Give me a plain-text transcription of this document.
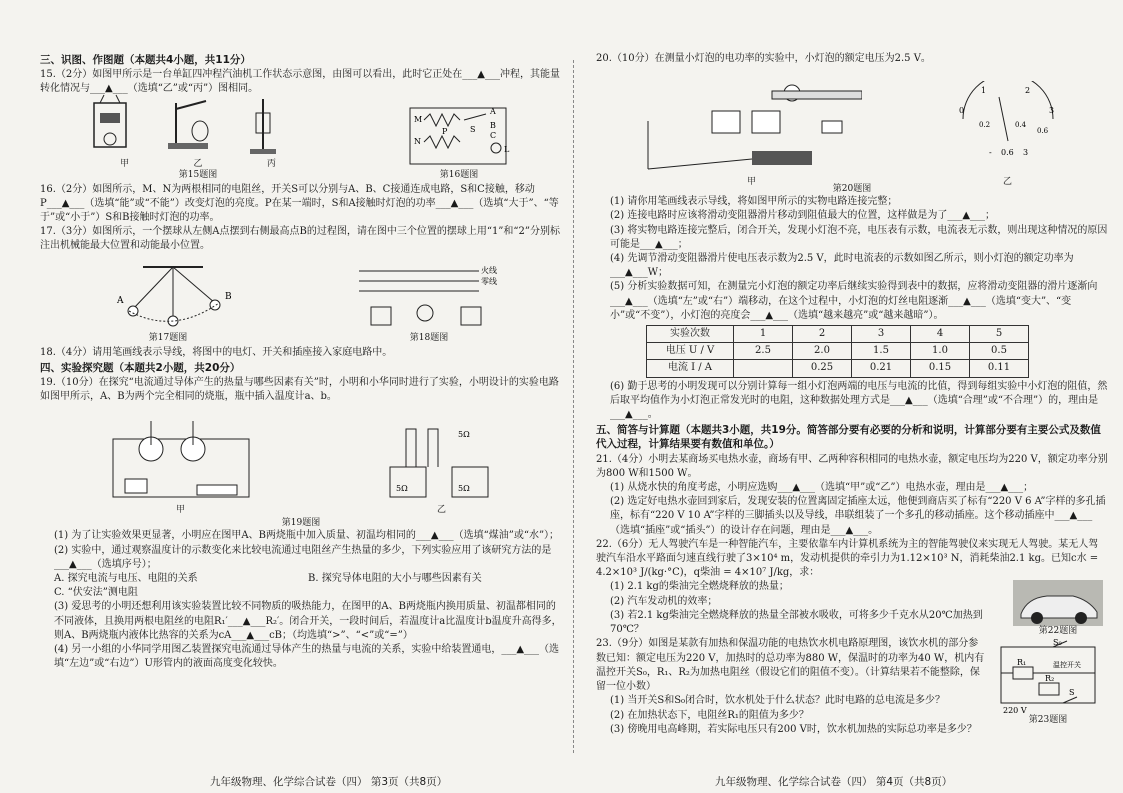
三、识图、作图题（本题共4小题，共11分）

15.（2分）如图甲所示是一台单缸四冲程汽油机工作状态示意图，由图可以看出，此时它正处在___▲___冲程，其能量转化情况与___▲___（选填“乙”或“丙”）图相同。

甲	乙	丙
第15题图
M
N
P
A
B
C
S
L
第16题图

16.（2分）如图所示，M、N为两根相同的电阻丝，开关S可以分别与A、B、C接通连成电路，S和C接触，移动P___▲___（选填“能”或“不能”）改变灯泡的亮度。P在某一端时，S和A接触时灯泡的功率___▲___（选填“大于”、“等于”或“小于”）S和B接触时灯泡的功率。

17.（3分）如图所示，一个摆球从左侧A点摆到右侧最高点B的过程图，请在图中三个位置的摆球上用“1”和“2”分别标注出机械能最大位置和动能最小位置。

A	B
第17题图
火线
零线
第18题图

18.（4分）请用笔画线表示导线，将图中的电灯、开关和插座接入家庭电路中。

四、实验探究题（本题共2小题，共20分）

19.（10分）在探究“电流通过导体产生的热量与哪些因素有关”时，小明和小华同时进行了实验，小明设计的实验电路如图甲所示，A、B为两个完全相同的烧瓶，瓶中插入温度计a、b。

甲
5Ω	5Ω
5Ω
乙
第19题图

(1) 为了让实验效果更显著，小明应在图甲A、B两烧瓶中加入质量、初温均相同的___▲___（选填“煤油”或“水”）；

(2) 实验中，通过观察温度计的示数变化来比较电流通过电阻丝产生热量的多少，下列实验应用了该研究方法的是___▲___（选填序号）；

A. 探究电流与电压、电阻的关系	B. 探究导体电阻的大小与哪些因素有关

C. “伏安法”测电阻

(3) 爱思考的小明还想利用该实验装置比较不同物质的吸热能力，在图甲的A、B两烧瓶内换用质量、初温都相同的不同液体，且换用两根电阻丝的电阻R₁′___▲___R₂′。闭合开关，一段时间后，若温度计a比温度计b温度升高得多，则A、B两烧瓶内液体比热容的关系为cA___▲___cB；（均选填“>”、“<”或“=”）

(4) 另一小组的小华同学用图乙装置探究电流通过导体产生的热量与电流的关系，实验中给装置通电，___▲___（选填“左边”或“右边”）U形管内的液面高度变化较快。

九年级物理、化学综合试卷（四） 第3页（共8页）

20.（10分）在测量小灯泡的电功率的实验中，小灯泡的额定电压为2.5 V。

甲
0
1	2
3
0.2	0.4
0.6
- 0.6 3
乙
第20题图

(1) 请你用笔画线表示导线，将如图甲所示的实物电路连接完整；

(2) 连接电路时应该将滑动变阻器滑片移动到阻值最大的位置，这样做是为了___▲___；

(3) 将实物电路连接完整后，闭合开关，发现小灯泡不亮，电压表有示数，电流表无示数，则出现这种情况的原因可能是___▲___；

(4) 先调节滑动变阻器滑片使电压表示数为2.5 V，此时电流表的示数如图乙所示，则小灯泡的额定功率为___▲___W；

(5) 分析实验数据可知，在测量完小灯泡的额定功率后继续实验得到表中的数据，应将滑动变阻器的滑片逐渐向___▲___（选填“左”或“右”）端移动，在这个过程中，小灯泡的灯丝电阻逐渐___▲___（选填“变大”、“变小”或“不变”），小灯泡的亮度会___▲___（选填“越来越亮”或“越来越暗”）。

实验次数	1	2	3	4	5
电压 U / V	2.5	2.0	1.5	1.0	0.5
电流 I / A		0.25	0.21	0.15	0.11

(6) 勤于思考的小明发现可以分别计算每一组小灯泡两端的电压与电流的比值，得到每组实验中小灯泡的阻值，然后取平均值作为小灯泡正常发光时的电阻，这种数据处理方式是___▲___（选填“合理”或“不合理”）的，理由是___▲___。

五、简答与计算题（本题共3小题，共19分。简答部分要有必要的分析和说明，计算部分要有主要公式及数值代入过程，计算结果要有数值和单位。）

21.（4分）小明去某商场买电热水壶，商场有甲、乙两种容积相同的电热水壶，额定电压均为220 V，额定功率分别为800 W和1500 W。

(1) 从烧水快的角度考虑，小明应选购___▲___（选填“甲”或“乙”）电热水壶，理由是___▲___；

(2) 选定好电热水壶回到家后，发现安装的位置离固定插座太远，他便到商店买了标有“220 V 6 A”字样的多孔插座，标有“220 V 10 A”字样的三脚插头以及导线，串联组装了一个多孔的移动插座。这个移动插座中___▲___（选填“插座”或“插头”）的设计存在问题，理由是___▲___。

22.（6分）无人驾驶汽车是一种智能汽车，主要依靠车内计算机系统为主的智能驾驶仪来实现无人驾驶。某无人驾驶汽车沿水平路面匀速直线行驶了3×10⁴ m，发动机提供的牵引力为1.12×10³ N，消耗柴油2.1 kg。已知c水 = 4.2×10³ J/(kg·°C)，q柴油 = 4×10⁷ J/kg，求：

(1) 2.1 kg的柴油完全燃烧释放的热量；

(2) 汽车发动机的效率；

(3) 若2.1 kg柴油完全燃烧释放的热量全部被水吸收，可将多少千克水从20℃加热到70℃？	第22题图

23.（9分）如图是某款有加热和保温功能的电热饮水机电路原理图，该饮水机的部分参数已知：额定电压为220 V，加热时的总功率为880 W，保温时的功率为40 W，机内有温控开关S₀，R₁、R₂为加热电阻丝（假设它们的阻值不变）。（计算结果若不能整除，保留一位小数）

(1) 当开关S和S₀闭合时，饮水机处于什么状态？此时电路的总电流是多少？

(2) 在加热状态下，电阻丝R₁的阻值为多少？

(3) 傍晚用电高峰期，若实际电压只有200 V时，饮水机加热的实际总功率是多少？

S₀
R₁
R₂
温控开关
220 V
S
第23题图
九年级物理、化学综合试卷（四） 第4页（共8页）
